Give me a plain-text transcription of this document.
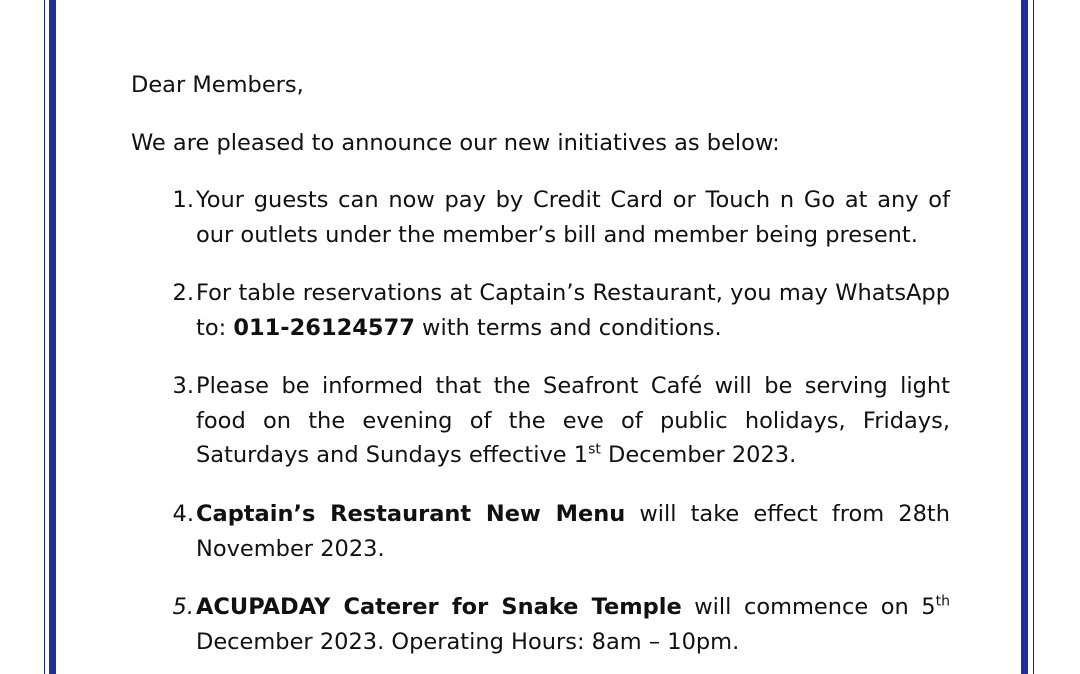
Dear Members,
We are pleased to announce our new initiatives as below:
1. Your guests can now pay by Credit Card or Touch n Go at any of our outlets under the member’s bill and member being present.
2. For table reservations at Captain’s Restaurant, you may WhatsApp to: 011-26124577 with terms and conditions.
3. Please be informed that the Seafront Café will be serving light food on the evening of the eve of public holidays, Fridays, Saturdays and Sundays effective 1st December 2023.
4. Captain’s Restaurant New Menu will take effect from 28th November 2023.
5. ACUPADAY Caterer for Snake Temple will commence on 5th December 2023. Operating Hours: 8am – 10pm.
